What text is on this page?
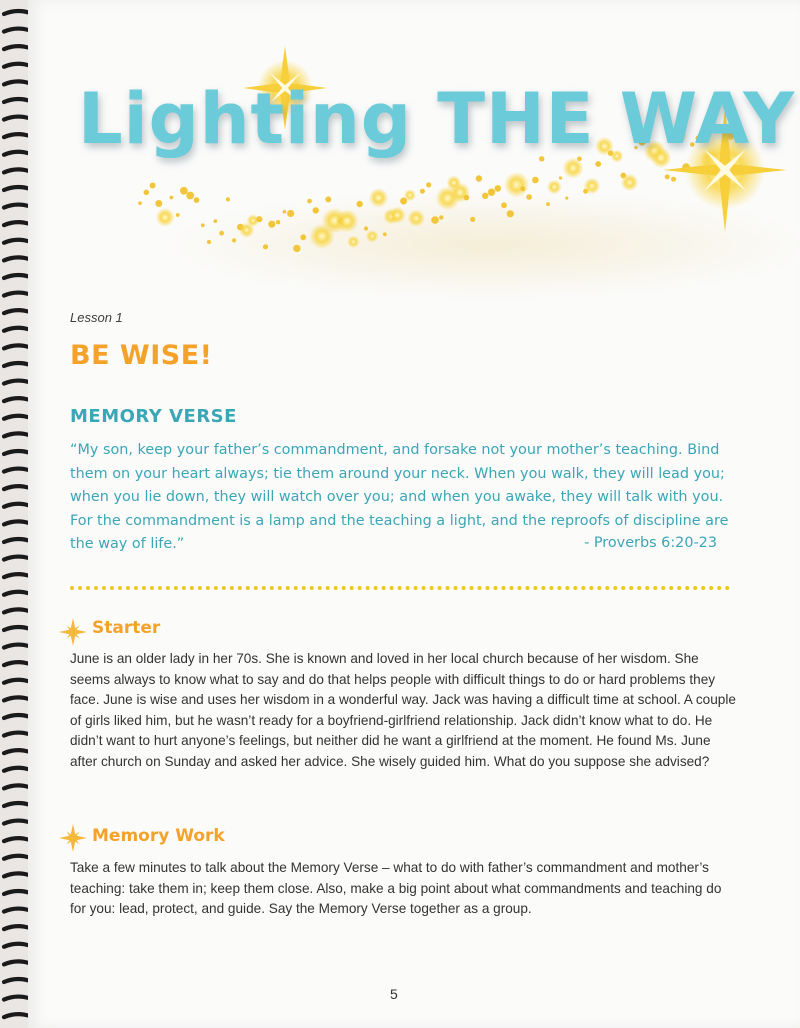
Lighting THE WAY
Lesson 1
BE WISE!
MEMORY VERSE
“My son, keep your father’s commandment, and forsake not your mother’s teaching. Bind them on your heart always; tie them around your neck. When you walk, they will lead you; when you lie down, they will watch over you; and when you awake, they will talk with you. For the commandment is a lamp and the teaching a light, and the reproofs of discipline are the way of life.”	- Proverbs 6:20-23
Starter
June is an older lady in her 70s. She is known and loved in her local church because of her wisdom. She seems always to know what to say and do that helps people with difficult things to do or hard problems they face. June is wise and uses her wisdom in a wonderful way. Jack was having a difficult time at school. A couple of girls liked him, but he wasn’t ready for a boyfriend-girlfriend relationship. Jack didn’t know what to do. He didn’t want to hurt anyone’s feelings, but neither did he want a girlfriend at the moment. He found Ms. June after church on Sunday and asked her advice. She wisely guided him. What do you suppose she advised?
Memory Work
Take a few minutes to talk about the Memory Verse – what to do with father’s commandment and mother’s teaching: take them in; keep them close. Also, make a big point about what commandments and teaching do for you: lead, protect, and guide. Say the Memory Verse together as a group.
5
